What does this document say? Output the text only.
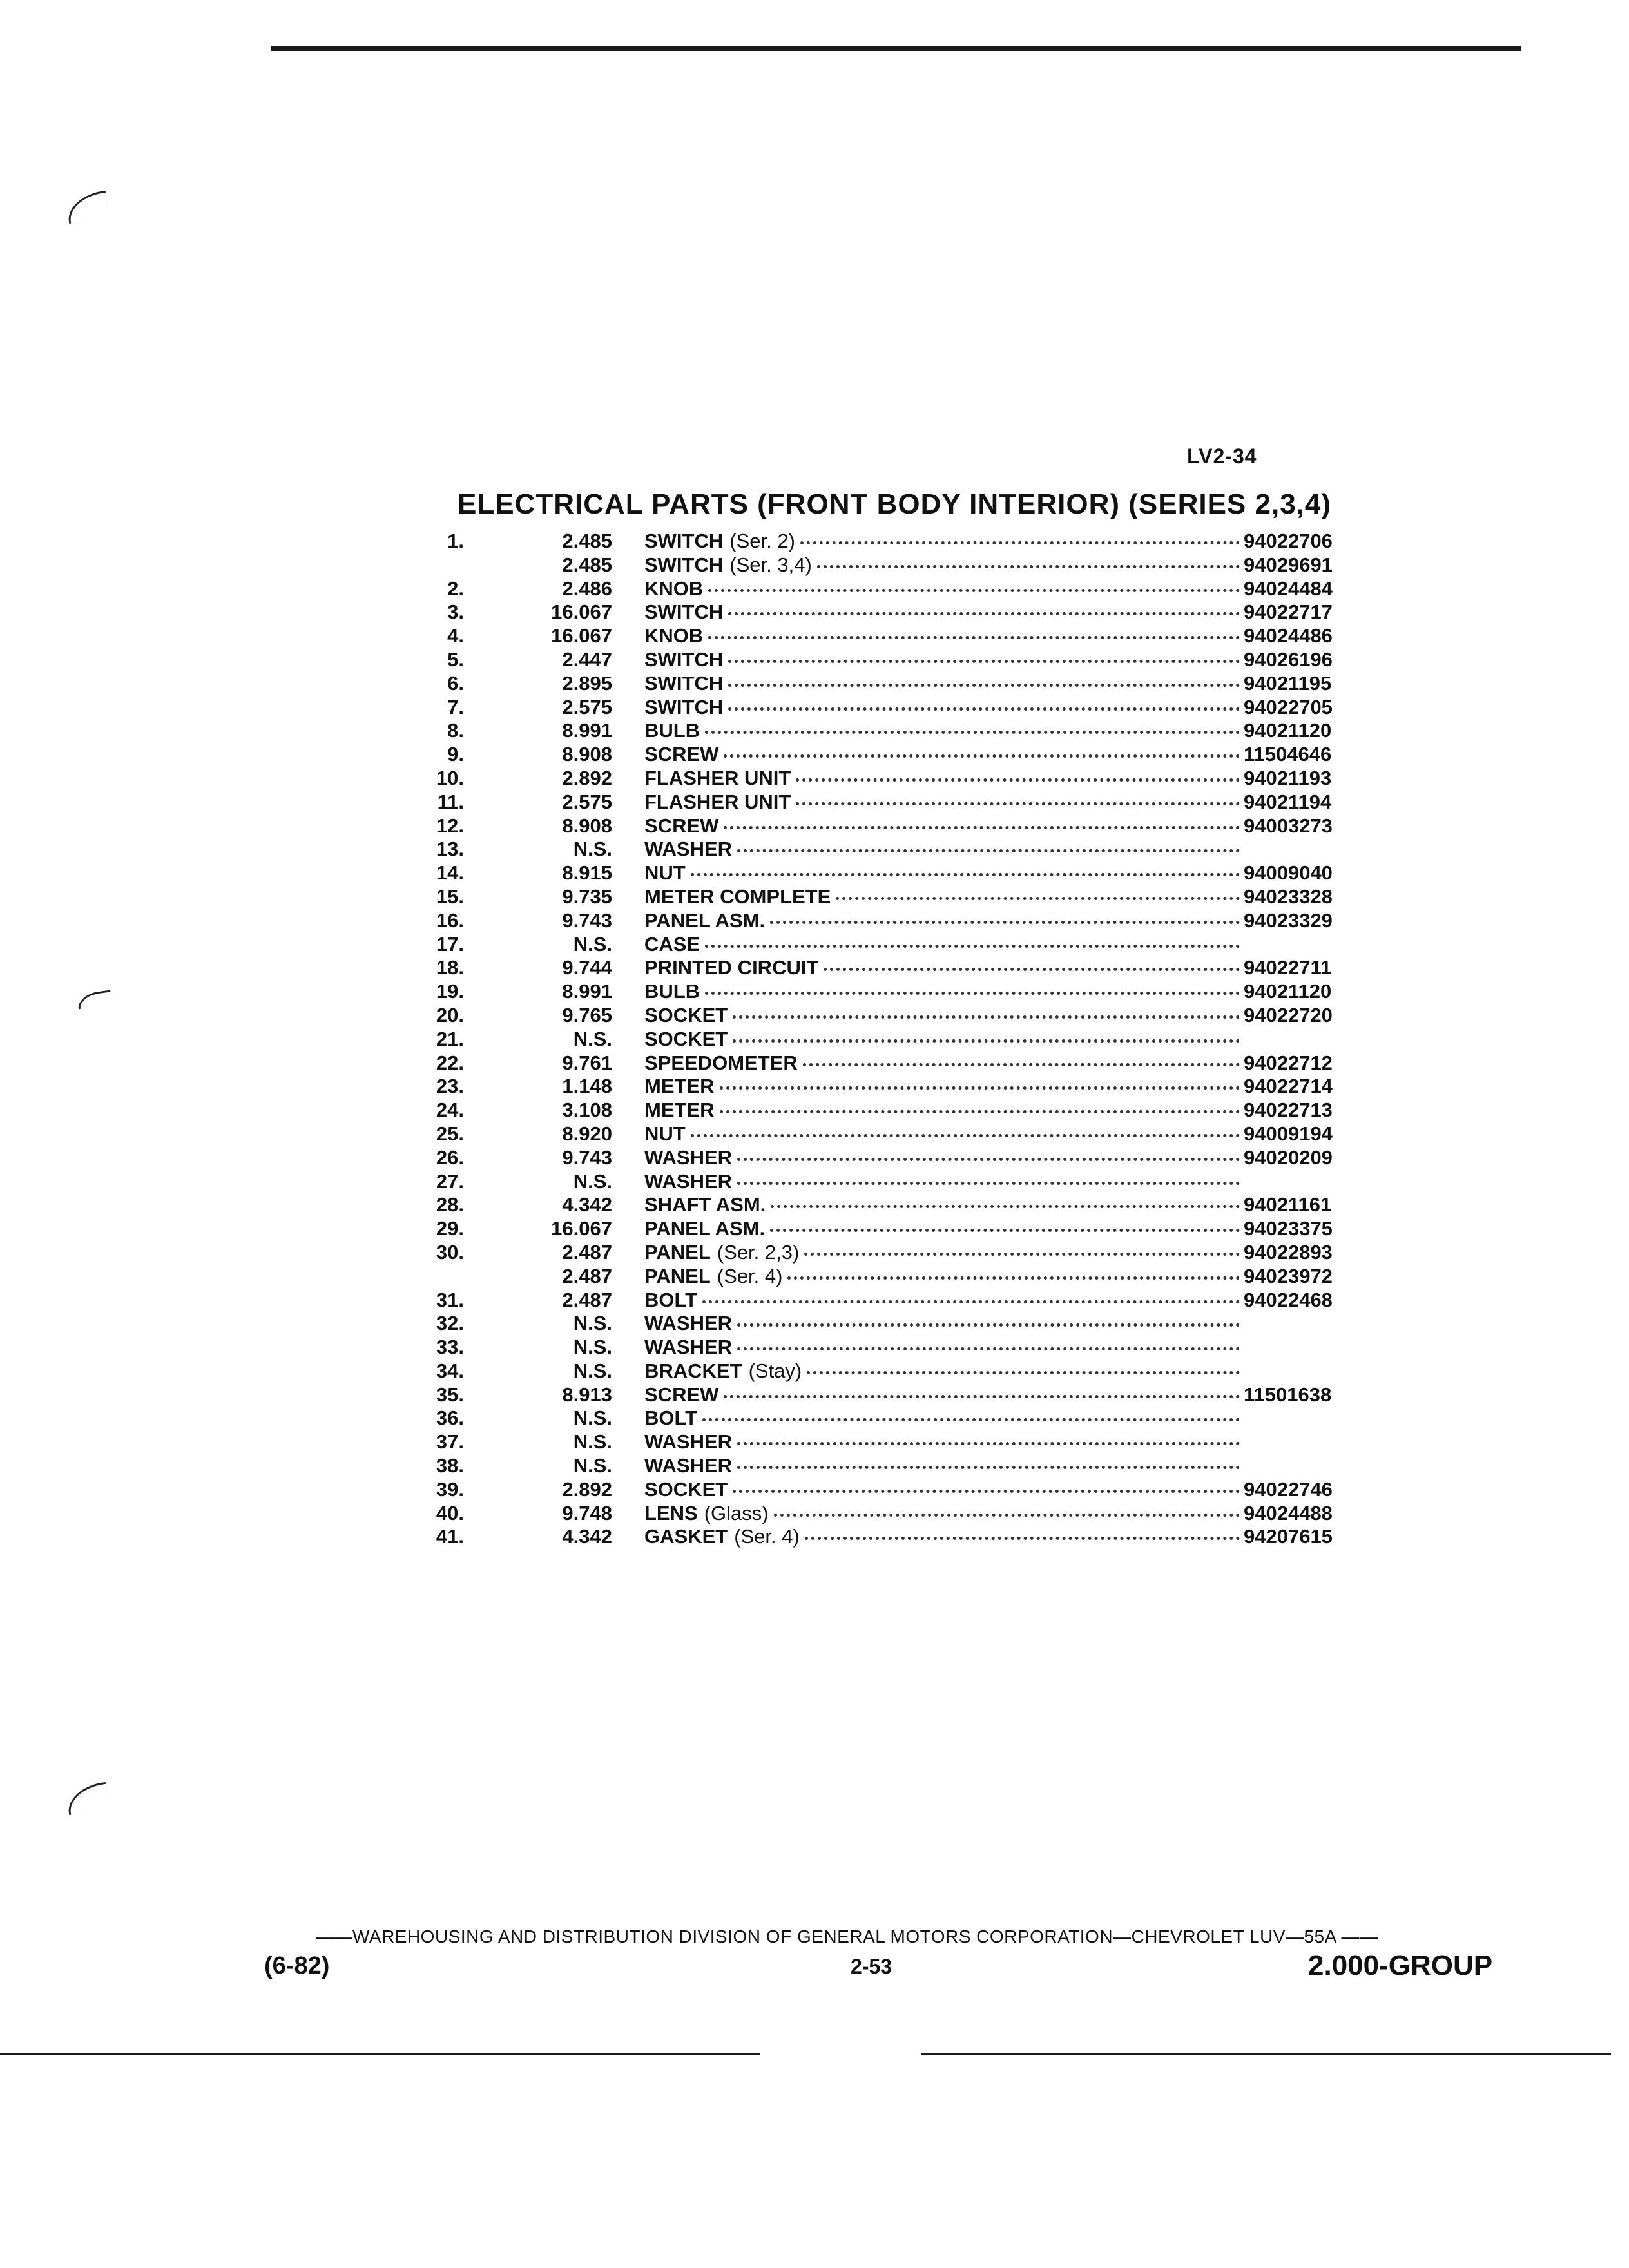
LV2-34
ELECTRICAL PARTS (FRONT BODY INTERIOR) (SERIES 2,3,4)
1.	2.485 SWITCH (Ser. 2)	94022706
2.485 SWITCH (Ser. 3,4)	94029691
2.	2.486 KNOB	94024484
3.	16.067 SWITCH	94022717
4.	16.067 KNOB	94024486
5.	2.447 SWITCH	94026196
6.	2.895 SWITCH	94021195
7.	2.575 SWITCH	94022705
8.	8.991 BULB	94021120
9.	8.908 SCREW	11504646
10.	2.892 FLASHER UNIT	94021193
11.	2.575 FLASHER UNIT	94021194
12.	8.908 SCREW	94003273
13.	N.S. WASHER
14.	8.915 NUT	94009040
15.	9.735 METER COMPLETE	94023328
16.	9.743 PANEL ASM.	94023329
17.	N.S. CASE
18.	9.744 PRINTED CIRCUIT	94022711
19.	8.991 BULB	94021120
20.	9.765 SOCKET	94022720
21.	N.S. SOCKET
22.	9.761 SPEEDOMETER	94022712
23.	1.148 METER	94022714
24.	3.108 METER	94022713
25.	8.920 NUT	94009194
26.	9.743 WASHER	94020209
27.	N.S. WASHER
28.	4.342 SHAFT ASM.	94021161
29.	16.067 PANEL ASM.	94023375
30.	2.487 PANEL (Ser. 2,3)	94022893
2.487 PANEL (Ser. 4)	94023972
31.	2.487 BOLT	94022468
32.	N.S. WASHER
33.	N.S. WASHER
34.	N.S. BRACKET (Stay)
35.	8.913 SCREW	11501638
36.	N.S. BOLT
37.	N.S. WASHER
38.	N.S. WASHER
39.	2.892 SOCKET	94022746
40.	9.748 LENS (Glass)	94024488
41.	4.342 GASKET (Ser. 4)	94207615
——WAREHOUSING AND DISTRIBUTION DIVISION OF GENERAL MOTORS CORPORATION—CHEVROLET LUV—55A ——
(6-82)	2-53	2.000-GROUP
